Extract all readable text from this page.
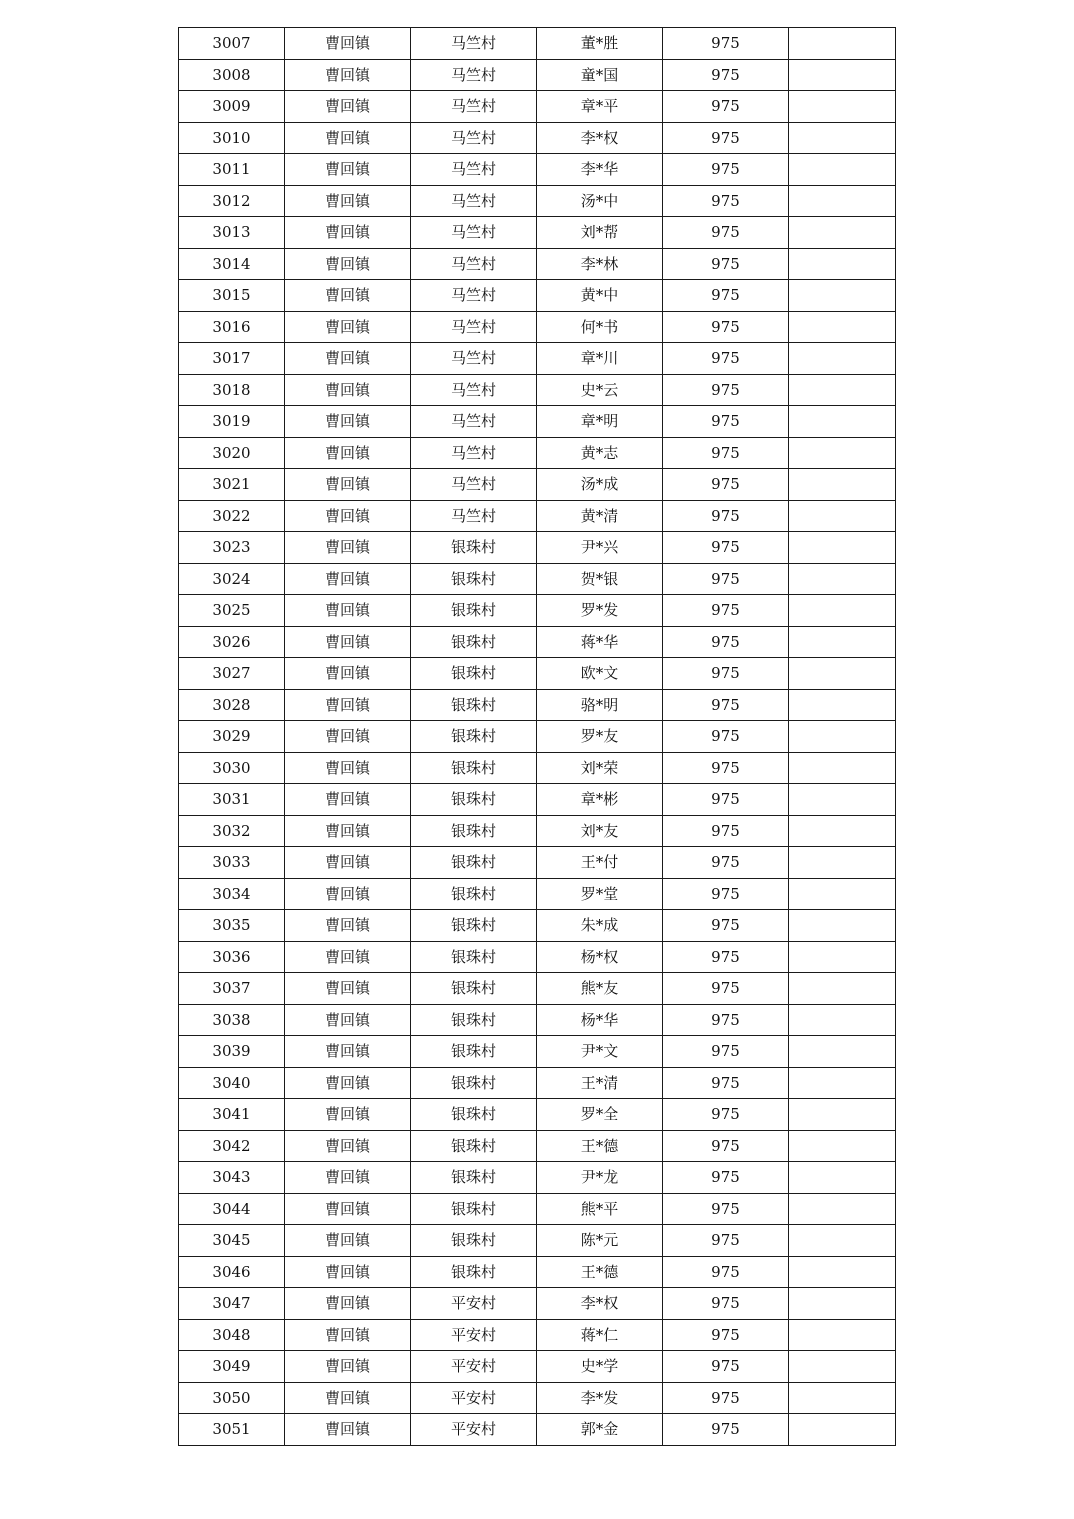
3007	曹回镇	马竺村	董*胜	975	
3008	曹回镇	马竺村	童*国	975	
3009	曹回镇	马竺村	章*平	975	
3010	曹回镇	马竺村	李*权	975	
3011	曹回镇	马竺村	李*华	975	
3012	曹回镇	马竺村	汤*中	975	
3013	曹回镇	马竺村	刘*帮	975	
3014	曹回镇	马竺村	李*林	975	
3015	曹回镇	马竺村	黄*中	975	
3016	曹回镇	马竺村	何*书	975	
3017	曹回镇	马竺村	章*川	975	
3018	曹回镇	马竺村	史*云	975	
3019	曹回镇	马竺村	章*明	975	
3020	曹回镇	马竺村	黄*志	975	
3021	曹回镇	马竺村	汤*成	975	
3022	曹回镇	马竺村	黄*清	975	
3023	曹回镇	银珠村	尹*兴	975	
3024	曹回镇	银珠村	贺*银	975	
3025	曹回镇	银珠村	罗*发	975	
3026	曹回镇	银珠村	蒋*华	975	
3027	曹回镇	银珠村	欧*文	975	
3028	曹回镇	银珠村	骆*明	975	
3029	曹回镇	银珠村	罗*友	975	
3030	曹回镇	银珠村	刘*荣	975	
3031	曹回镇	银珠村	章*彬	975	
3032	曹回镇	银珠村	刘*友	975	
3033	曹回镇	银珠村	王*付	975	
3034	曹回镇	银珠村	罗*堂	975	
3035	曹回镇	银珠村	朱*成	975	
3036	曹回镇	银珠村	杨*权	975	
3037	曹回镇	银珠村	熊*友	975	
3038	曹回镇	银珠村	杨*华	975	
3039	曹回镇	银珠村	尹*文	975	
3040	曹回镇	银珠村	王*清	975	
3041	曹回镇	银珠村	罗*全	975	
3042	曹回镇	银珠村	王*德	975	
3043	曹回镇	银珠村	尹*龙	975	
3044	曹回镇	银珠村	熊*平	975	
3045	曹回镇	银珠村	陈*元	975	
3046	曹回镇	银珠村	王*德	975	
3047	曹回镇	平安村	李*权	975	
3048	曹回镇	平安村	蒋*仁	975	
3049	曹回镇	平安村	史*学	975	
3050	曹回镇	平安村	李*发	975	
3051	曹回镇	平安村	郭*金	975	
